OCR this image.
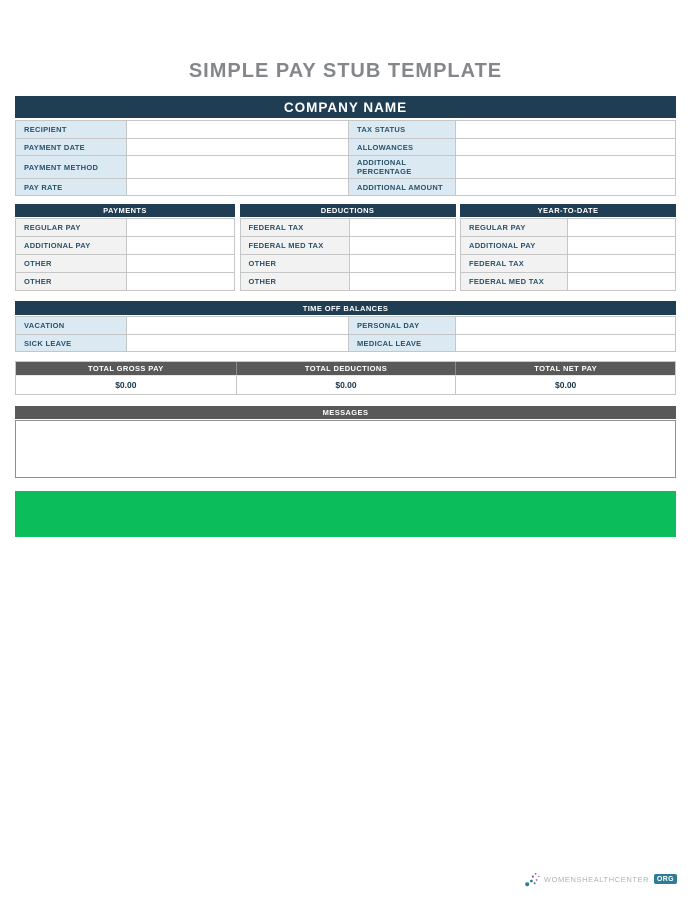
SIMPLE PAY STUB TEMPLATE
COMPANY NAME
RECIPIENT	TAX STATUS
PAYMENT DATE	ALLOWANCES
PAYMENT METHOD	ADDITIONAL PERCENTAGE
PAY RATE	ADDITIONAL AMOUNT
PAYMENTS
REGULAR PAY
ADDITIONAL PAY
OTHER
OTHER
DEDUCTIONS
FEDERAL TAX
FEDERAL MED TAX
OTHER
OTHER
YEAR-TO-DATE
REGULAR PAY
ADDITIONAL PAY
FEDERAL TAX
FEDERAL MED TAX
TIME OFF BALANCES
VACATION	PERSONAL DAY
SICK LEAVE	MEDICAL LEAVE
TOTAL GROSS PAY	TOTAL DEDUCTIONS	TOTAL NET PAY
$0.00	$0.00	$0.00
MESSAGES
WOMENSHEALTHCENTER. ORG
